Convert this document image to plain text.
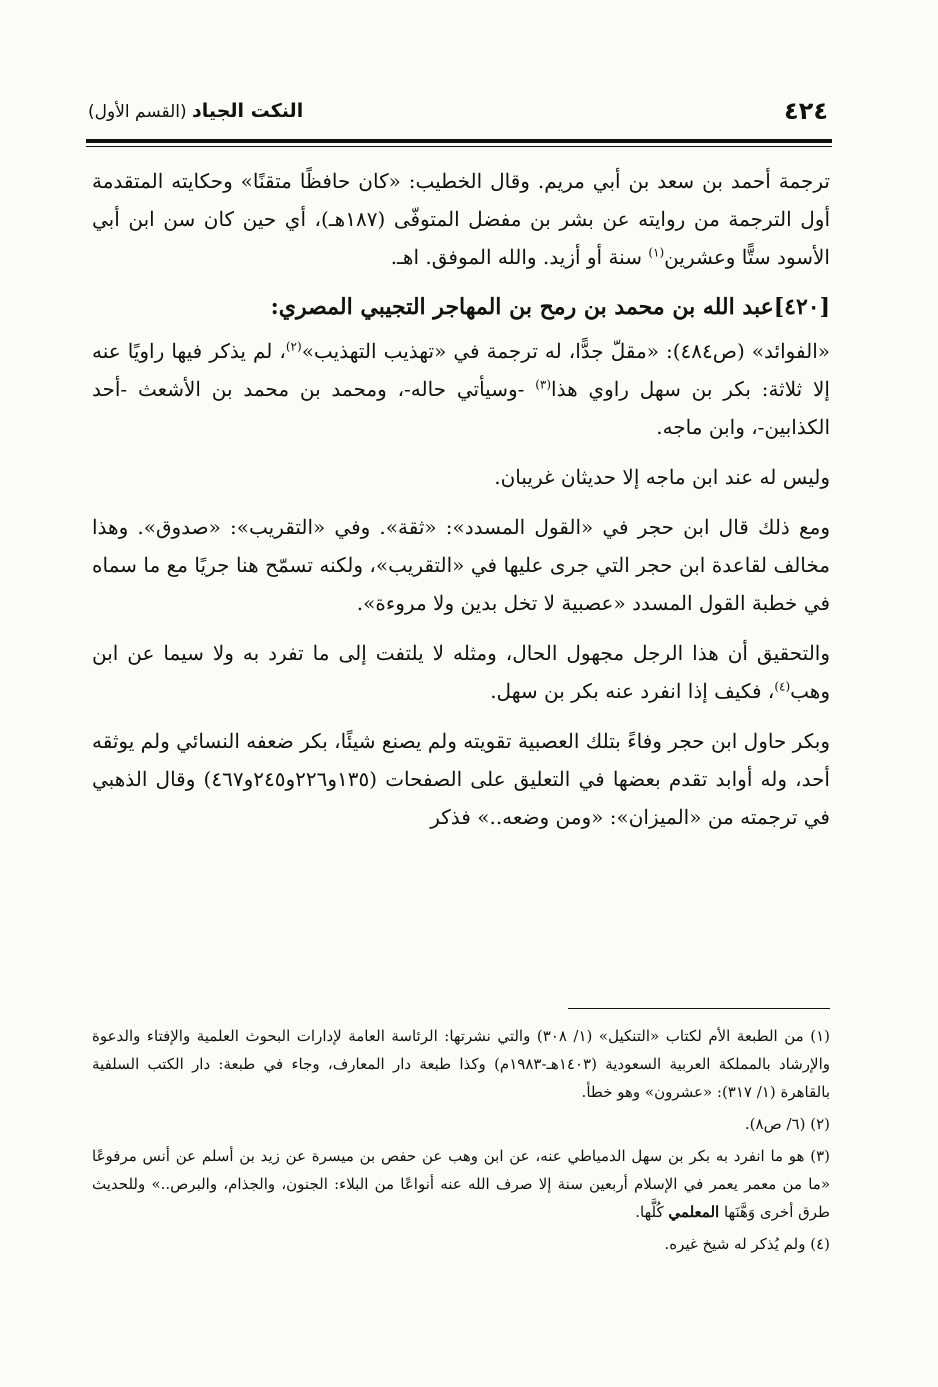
٤٢٤
النكت الجياد (القسم الأول)

ترجمة أحمد بن سعد بن أبي مريم. وقال الخطيب: «كان حافظًا متقنًا» وحكايته المتقدمة أول الترجمة من روايته عن بشر بن مفضل المتوفّى (١٨٧هـ)، أي حين كان سن ابن أبي الأسود ستًّا وعشرين$^{(١)}$ سنة أو أزيد. والله الموفق. اهـ.

[٤٢٠]عبد الله بن محمد بن رمح بن المهاجر التجيبي المصري:

«الفوائد» (ص٤٨٤): «مقلّ جدًّا، له ترجمة في «تهذيب التهذيب»$^{(٢)}$، لم يذكر فيها راويًا عنه إلا ثلاثة: بكر بن سهل راوي هذا$^{(٣)}$ -وسيأتي حاله-، ومحمد بن محمد بن الأشعث -أحد الكذابين-، وابن ماجه.

وليس له عند ابن ماجه إلا حديثان غريبان.

ومع ذلك قال ابن حجر في «القول المسدد»: «ثقة». وفي «التقريب»: «صدوق». وهذا مخالف لقاعدة ابن حجر التي جرى عليها في «التقريب»، ولكنه تسمّح هنا جريًا مع ما سماه في خطبة القول المسدد «عصبية لا تخل بدين ولا مروءة».

والتحقيق أن هذا الرجل مجهول الحال، ومثله لا يلتفت إلى ما تفرد به ولا سيما عن ابن وهب$^{(٤)}$، فكيف إذا انفرد عنه بكر بن سهل.

وبكر حاول ابن حجر وفاءً بتلك العصبية تقويته ولم يصنع شيئًا، بكر ضعفه النسائي ولم يوثقه أحد، وله أوابد تقدم بعضها في التعليق على الصفحات (١٣٥و٢٢٦و٢٤٥و٤٦٧) وقال الذهبي في ترجمته من «الميزان»: «ومن وضعه..» فذكر

(١) من الطبعة الأم لكتاب «التنكيل» (١/ ٣٠٨) والتي نشرتها: الرئاسة العامة لإدارات البحوث العلمية والإفتاء والدعوة والإرشاد بالمملكة العربية السعودية (١٤٠٣هـ-١٩٨٣م) وكذا طبعة دار المعارف، وجاء في طبعة: دار الكتب السلفية بالقاهرة (١/ ٣١٧): «عشرون» وهو خطأ.
(٢) (٦/ ص٨).
(٣) هو ما انفرد به بكر بن سهل الدمياطي عنه، عن ابن وهب عن حفص بن ميسرة عن زيد بن أسلم عن أنس مرفوعًا «ما من معمر يعمر في الإسلام أربعين سنة إلا صرف الله عنه أنواعًا من البلاء: الجنون، والجذام، والبرص..» وللحديث طرق أخرى وَهَّنَها المعلمي كُلَّها.
(٤) ولم يُذكر له شيخ غيره.
